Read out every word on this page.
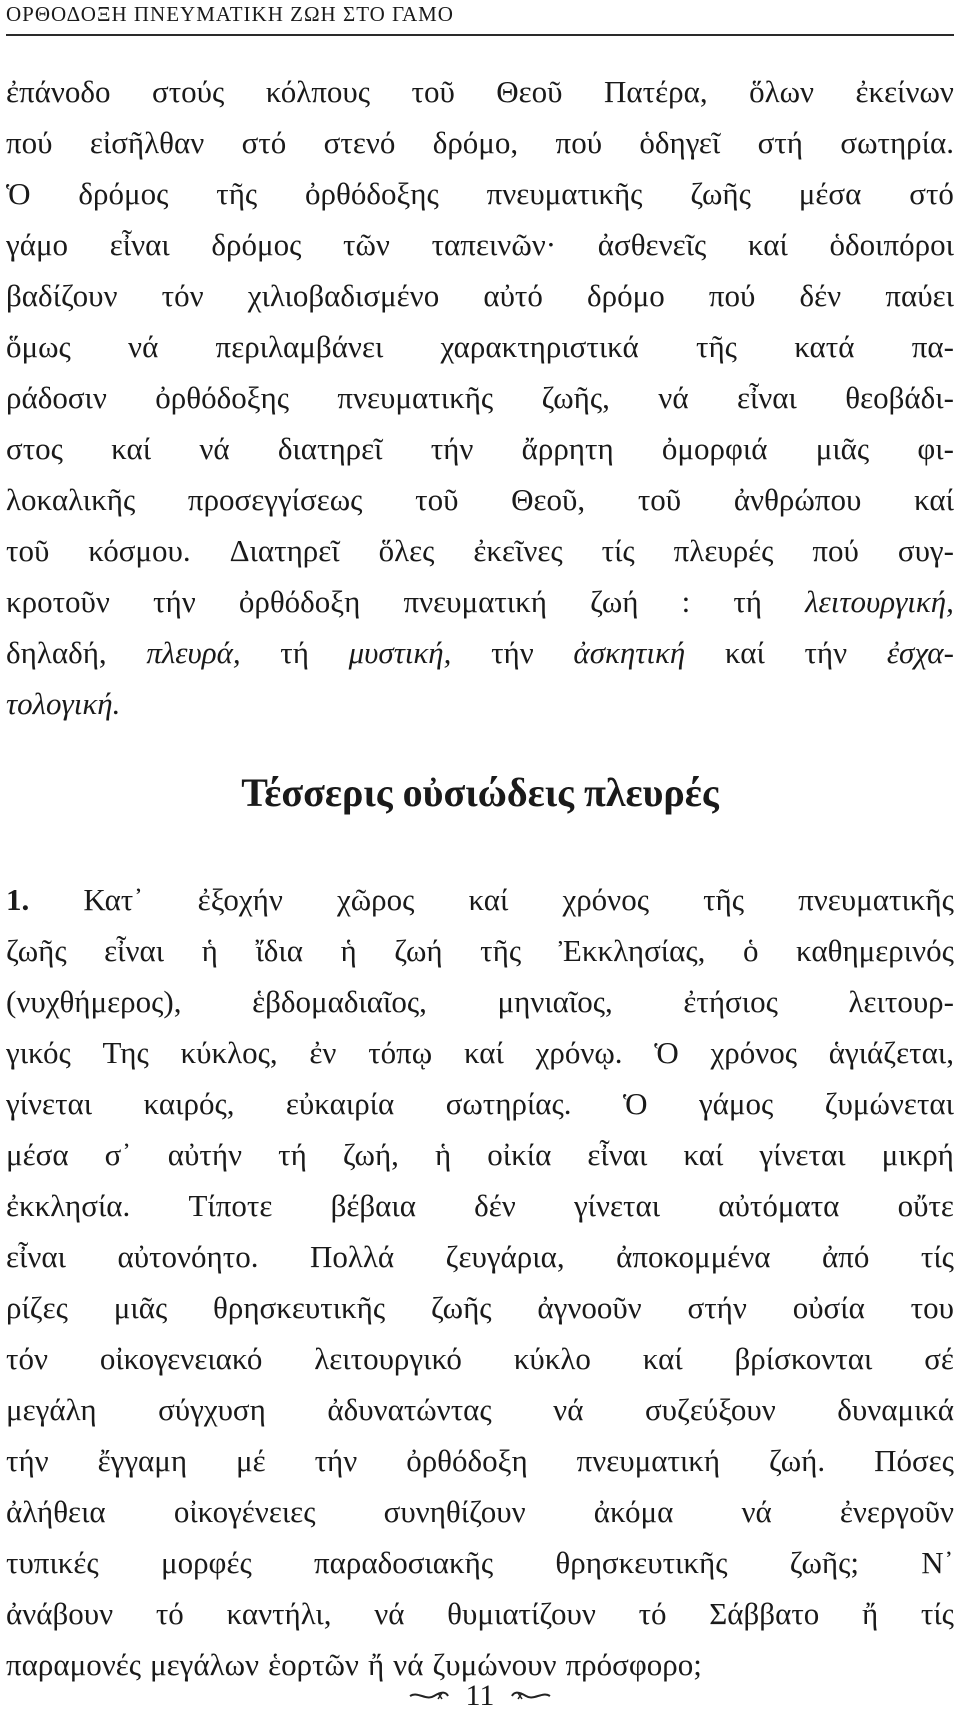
ΟΡΘΟΔΟΞΗ ΠΝΕΥΜΑΤΙΚΗ ΖΩΗ ΣΤΟ ΓΑΜΟ
ἐπάνοδο στούς κόλπους τοῦ Θεοῦ Πατέρα, ὅλων ἐκείνων
πού εἰσῆλθαν στό στενό δρόμο, πού ὁδηγεῖ στή σωτηρία.
Ὁ δρόμος τῆς ὀρθόδοξης πνευματικῆς ζωῆς μέσα στό
γάμο εἶναι δρόμος τῶν ταπεινῶν· ἀσθενεῖς καί ὁδοιπόροι
βαδίζουν τόν χιλιοβαδισμένο αὐτό δρόμο πού δέν παύει
ὅμως νά περιλαμβάνει χαρακτηριστικά τῆς κατά πα-
ράδοσιν ὀρθόδοξης πνευματικῆς ζωῆς, νά εἶναι θεοβάδι-
στος καί νά διατηρεῖ τήν ἄρρητη ὀμορφιά μιᾶς φι-
λοκαλικῆς προσεγγίσεως τοῦ Θεοῦ, τοῦ ἀνθρώπου καί
τοῦ κόσμου. Διατηρεῖ ὅλες ἐκεῖνες τίς πλευρές πού συγ-
κροτοῦν τήν ὀρθόδοξη πνευματική ζωή : τή λειτουργική,
δηλαδή, πλευρά, τή μυστική, τήν ἀσκητική καί τήν ἐσχα-
τολογική.
Τέσσερις οὐσιώδεις πλευρές
1. Κατ᾽ ἐξοχήν χῶρος καί χρόνος τῆς πνευματικῆς
ζωῆς εἶναι ἡ ἴδια ἡ ζωή τῆς Ἐκκλησίας, ὁ καθημερινός
(νυχθήμερος), ἑβδομαδιαῖος, μηνιαῖος, ἐτήσιος λειτουρ-
γικός Της κύκλος, ἐν τόπῳ καί χρόνῳ. Ὁ χρόνος ἁγιάζεται,
γίνεται καιρός, εὐκαιρία σωτηρίας. Ὁ γάμος ζυμώνεται
μέσα σ᾽ αὐτήν τή ζωή, ἡ οἰκία εἶναι καί γίνεται μικρή
ἐκκλησία. Τίποτε βέβαια δέν γίνεται αὐτόματα οὔτε
εἶναι αὐτονόητο. Πολλά ζευγάρια, ἀποκομμένα ἀπό τίς
ρίζες μιᾶς θρησκευτικῆς ζωῆς ἀγνοοῦν στήν οὐσία του
τόν οἰκογενειακό λειτουργικό κύκλο καί βρίσκονται σέ
μεγάλη σύγχυση ἀδυνατώντας νά συζεύξουν δυναμικά
τήν ἔγγαμη μέ τήν ὀρθόδοξη πνευματική ζωή. Πόσες
ἀλήθεια οἰκογένειες συνηθίζουν ἀκόμα νά ἐνεργοῦν
τυπικές μορφές παραδοσιακῆς θρησκευτικῆς ζωῆς; Ν᾽
ἀνάβουν τό καντήλι, νά θυμιατίζουν τό Σάββατο ἤ τίς
παραμονές μεγάλων ἑορτῶν ἤ νά ζυμώνουν πρόσφορο;
11
